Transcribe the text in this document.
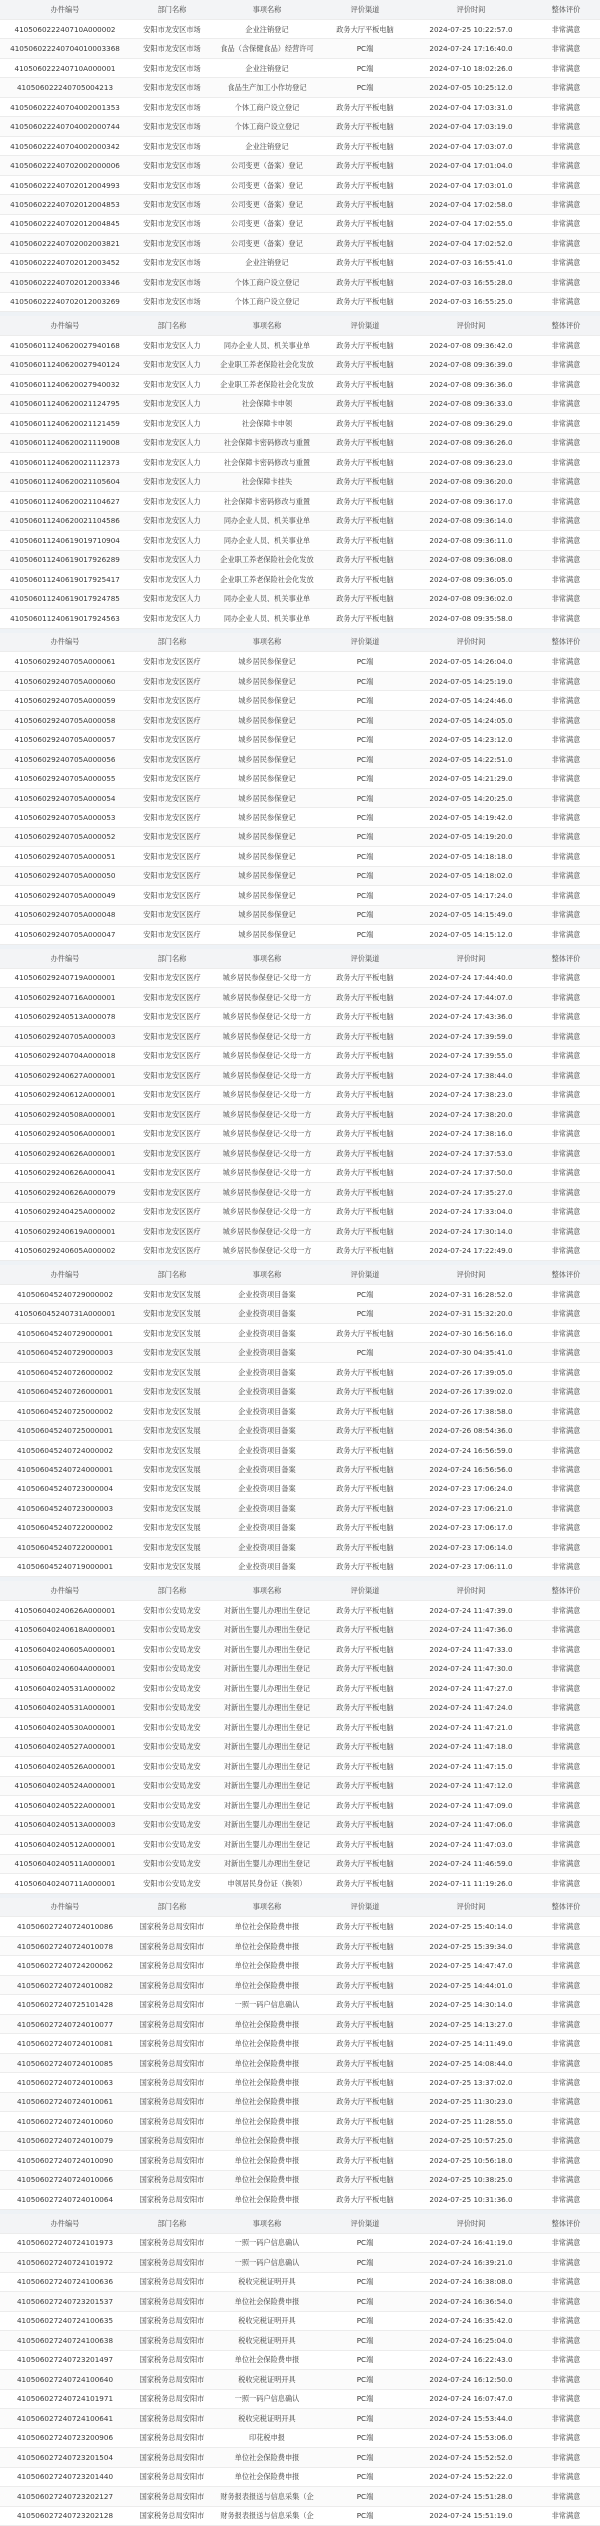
办件编号	部门名称	事项名称	评价渠道	评价时间	整体评价
410506022240710A000002	安阳市龙安区市场	企业注销登记	政务大厅平板电脑	2024-07-25 10:22:57.0	非常满意
410506022240704010003368	安阳市龙安区市场	食品（含保健食品）经营许可	PC端	2024-07-24 17:16:40.0	非常满意
410506022240710A000001	安阳市龙安区市场	企业注销登记	PC端	2024-07-10 18:02:26.0	非常满意
410506022240705004213	安阳市龙安区市场	食品生产加工小作坊登记	PC端	2024-07-05 10:25:12.0	非常满意
410506022240704002001353	安阳市龙安区市场	个体工商户设立登记	政务大厅平板电脑	2024-07-04 17:03:31.0	非常满意
410506022240704002000744	安阳市龙安区市场	个体工商户设立登记	政务大厅平板电脑	2024-07-04 17:03:19.0	非常满意
410506022240704002000342	安阳市龙安区市场	企业注销登记	政务大厅平板电脑	2024-07-04 17:03:07.0	非常满意
410506022240702002000006	安阳市龙安区市场	公司变更（备案）登记	政务大厅平板电脑	2024-07-04 17:01:04.0	非常满意
410506022240702012004993	安阳市龙安区市场	公司变更（备案）登记	政务大厅平板电脑	2024-07-04 17:03:01.0	非常满意
410506022240702012004853	安阳市龙安区市场	公司变更（备案）登记	政务大厅平板电脑	2024-07-04 17:02:58.0	非常满意
410506022240702012004845	安阳市龙安区市场	公司变更（备案）登记	政务大厅平板电脑	2024-07-04 17:02:55.0	非常满意
410506022240702002003821	安阳市龙安区市场	公司变更（备案）登记	政务大厅平板电脑	2024-07-04 17:02:52.0	非常满意
410506022240702012003452	安阳市龙安区市场	企业注销登记	政务大厅平板电脑	2024-07-03 16:55:41.0	非常满意
410506022240702012003346	安阳市龙安区市场	个体工商户设立登记	政务大厅平板电脑	2024-07-03 16:55:28.0	非常满意
410506022240702012003269	安阳市龙安区市场	个体工商户设立登记	政务大厅平板电脑	2024-07-03 16:55:25.0	非常满意
办件编号	部门名称	事项名称	评价渠道	评价时间	整体评价
410506011240620027940168	安阳市龙安区人力	同办企业人员、机关事业单	政务大厅平板电脑	2024-07-08 09:36:42.0	非常满意
410506011240620027940124	安阳市龙安区人力	企业职工养老保险社会化发放	政务大厅平板电脑	2024-07-08 09:36:39.0	非常满意
410506011240620027940032	安阳市龙安区人力	企业职工养老保险社会化发放	政务大厅平板电脑	2024-07-08 09:36:36.0	非常满意
410506011240620021124795	安阳市龙安区人力	社会保障卡申领	政务大厅平板电脑	2024-07-08 09:36:33.0	非常满意
410506011240620021121459	安阳市龙安区人力	社会保障卡申领	政务大厅平板电脑	2024-07-08 09:36:29.0	非常满意
410506011240620021119008	安阳市龙安区人力	社会保障卡密码修改与重置	政务大厅平板电脑	2024-07-08 09:36:26.0	非常满意
410506011240620021112373	安阳市龙安区人力	社会保障卡密码修改与重置	政务大厅平板电脑	2024-07-08 09:36:23.0	非常满意
410506011240620021105604	安阳市龙安区人力	社会保障卡挂失	政务大厅平板电脑	2024-07-08 09:36:20.0	非常满意
410506011240620021104627	安阳市龙安区人力	社会保障卡密码修改与重置	政务大厅平板电脑	2024-07-08 09:36:17.0	非常满意
410506011240620021104586	安阳市龙安区人力	同办企业人员、机关事业单	政务大厅平板电脑	2024-07-08 09:36:14.0	非常满意
410506011240619019710904	安阳市龙安区人力	同办企业人员、机关事业单	政务大厅平板电脑	2024-07-08 09:36:11.0	非常满意
410506011240619017926289	安阳市龙安区人力	企业职工养老保险社会化发放	政务大厅平板电脑	2024-07-08 09:36:08.0	非常满意
410506011240619017925417	安阳市龙安区人力	企业职工养老保险社会化发放	政务大厅平板电脑	2024-07-08 09:36:05.0	非常满意
410506011240619017924785	安阳市龙安区人力	同办企业人员、机关事业单	政务大厅平板电脑	2024-07-08 09:36:02.0	非常满意
410506011240619017924563	安阳市龙安区人力	同办企业人员、机关事业单	政务大厅平板电脑	2024-07-08 09:35:58.0	非常满意
办件编号	部门名称	事项名称	评价渠道	评价时间	整体评价
410506029240705A000061	安阳市龙安区医疗	城乡居民参保登记	PC端	2024-07-05 14:26:04.0	非常满意
410506029240705A000060	安阳市龙安区医疗	城乡居民参保登记	PC端	2024-07-05 14:25:19.0	非常满意
410506029240705A000059	安阳市龙安区医疗	城乡居民参保登记	PC端	2024-07-05 14:24:46.0	非常满意
410506029240705A000058	安阳市龙安区医疗	城乡居民参保登记	PC端	2024-07-05 14:24:05.0	非常满意
410506029240705A000057	安阳市龙安区医疗	城乡居民参保登记	PC端	2024-07-05 14:23:12.0	非常满意
410506029240705A000056	安阳市龙安区医疗	城乡居民参保登记	PC端	2024-07-05 14:22:51.0	非常满意
410506029240705A000055	安阳市龙安区医疗	城乡居民参保登记	PC端	2024-07-05 14:21:29.0	非常满意
410506029240705A000054	安阳市龙安区医疗	城乡居民参保登记	PC端	2024-07-05 14:20:25.0	非常满意
410506029240705A000053	安阳市龙安区医疗	城乡居民参保登记	PC端	2024-07-05 14:19:42.0	非常满意
410506029240705A000052	安阳市龙安区医疗	城乡居民参保登记	PC端	2024-07-05 14:19:20.0	非常满意
410506029240705A000051	安阳市龙安区医疗	城乡居民参保登记	PC端	2024-07-05 14:18:18.0	非常满意
410506029240705A000050	安阳市龙安区医疗	城乡居民参保登记	PC端	2024-07-05 14:18:02.0	非常满意
410506029240705A000049	安阳市龙安区医疗	城乡居民参保登记	PC端	2024-07-05 14:17:24.0	非常满意
410506029240705A000048	安阳市龙安区医疗	城乡居民参保登记	PC端	2024-07-05 14:15:49.0	非常满意
410506029240705A000047	安阳市龙安区医疗	城乡居民参保登记	PC端	2024-07-05 14:15:12.0	非常满意
办件编号	部门名称	事项名称	评价渠道	评价时间	整体评价
410506029240719A000001	安阳市龙安区医疗	城乡居民参保登记-父母一方	政务大厅平板电脑	2024-07-24 17:44:40.0	非常满意
410506029240716A000001	安阳市龙安区医疗	城乡居民参保登记-父母一方	政务大厅平板电脑	2024-07-24 17:44:07.0	非常满意
410506029240513A000078	安阳市龙安区医疗	城乡居民参保登记-父母一方	政务大厅平板电脑	2024-07-24 17:43:36.0	非常满意
410506029240705A000003	安阳市龙安区医疗	城乡居民参保登记-父母一方	政务大厅平板电脑	2024-07-24 17:39:59.0	非常满意
410506029240704A000018	安阳市龙安区医疗	城乡居民参保登记-父母一方	政务大厅平板电脑	2024-07-24 17:39:55.0	非常满意
410506029240627A000001	安阳市龙安区医疗	城乡居民参保登记-父母一方	政务大厅平板电脑	2024-07-24 17:38:44.0	非常满意
410506029240612A000001	安阳市龙安区医疗	城乡居民参保登记-父母一方	政务大厅平板电脑	2024-07-24 17:38:23.0	非常满意
410506029240508A000001	安阳市龙安区医疗	城乡居民参保登记-父母一方	政务大厅平板电脑	2024-07-24 17:38:20.0	非常满意
410506029240506A000001	安阳市龙安区医疗	城乡居民参保登记-父母一方	政务大厅平板电脑	2024-07-24 17:38:16.0	非常满意
410506029240626A000001	安阳市龙安区医疗	城乡居民参保登记-父母一方	政务大厅平板电脑	2024-07-24 17:37:53.0	非常满意
410506029240626A000041	安阳市龙安区医疗	城乡居民参保登记-父母一方	政务大厅平板电脑	2024-07-24 17:37:50.0	非常满意
410506029240626A000079	安阳市龙安区医疗	城乡居民参保登记-父母一方	政务大厅平板电脑	2024-07-24 17:35:27.0	非常满意
410506029240425A000002	安阳市龙安区医疗	城乡居民参保登记-父母一方	政务大厅平板电脑	2024-07-24 17:33:04.0	非常满意
410506029240619A000001	安阳市龙安区医疗	城乡居民参保登记-父母一方	政务大厅平板电脑	2024-07-24 17:30:14.0	非常满意
410506029240605A000002	安阳市龙安区医疗	城乡居民参保登记-父母一方	政务大厅平板电脑	2024-07-24 17:22:49.0	非常满意
办件编号	部门名称	事项名称	评价渠道	评价时间	整体评价
410506045240729000002	安阳市龙安区发展	企业投资项目备案	PC端	2024-07-31 16:28:52.0	非常满意
410506045240731A000001	安阳市龙安区发展	企业投资项目备案	PC端	2024-07-31 15:32:20.0	非常满意
410506045240729000001	安阳市龙安区发展	企业投资项目备案	政务大厅平板电脑	2024-07-30 16:56:16.0	非常满意
410506045240729000003	安阳市龙安区发展	企业投资项目备案	PC端	2024-07-30 04:35:41.0	非常满意
410506045240726000002	安阳市龙安区发展	企业投资项目备案	政务大厅平板电脑	2024-07-26 17:39:05.0	非常满意
410506045240726000001	安阳市龙安区发展	企业投资项目备案	政务大厅平板电脑	2024-07-26 17:39:02.0	非常满意
410506045240725000002	安阳市龙安区发展	企业投资项目备案	政务大厅平板电脑	2024-07-26 17:38:58.0	非常满意
410506045240725000001	安阳市龙安区发展	企业投资项目备案	政务大厅平板电脑	2024-07-26 08:54:36.0	非常满意
410506045240724000002	安阳市龙安区发展	企业投资项目备案	政务大厅平板电脑	2024-07-24 16:56:59.0	非常满意
410506045240724000001	安阳市龙安区发展	企业投资项目备案	政务大厅平板电脑	2024-07-24 16:56:56.0	非常满意
410506045240723000004	安阳市龙安区发展	企业投资项目备案	政务大厅平板电脑	2024-07-23 17:06:24.0	非常满意
410506045240723000003	安阳市龙安区发展	企业投资项目备案	政务大厅平板电脑	2024-07-23 17:06:21.0	非常满意
410506045240722000002	安阳市龙安区发展	企业投资项目备案	政务大厅平板电脑	2024-07-23 17:06:17.0	非常满意
410506045240722000001	安阳市龙安区发展	企业投资项目备案	政务大厅平板电脑	2024-07-23 17:06:14.0	非常满意
410506045240719000001	安阳市龙安区发展	企业投资项目备案	政务大厅平板电脑	2024-07-23 17:06:11.0	非常满意
办件编号	部门名称	事项名称	评价渠道	评价时间	整体评价
410506040240626A000001	安阳市公安局龙安	对新出生婴儿办理出生登记	政务大厅平板电脑	2024-07-24 11:47:39.0	非常满意
410506040240618A000001	安阳市公安局龙安	对新出生婴儿办理出生登记	政务大厅平板电脑	2024-07-24 11:47:36.0	非常满意
410506040240605A000001	安阳市公安局龙安	对新出生婴儿办理出生登记	政务大厅平板电脑	2024-07-24 11:47:33.0	非常满意
410506040240604A000001	安阳市公安局龙安	对新出生婴儿办理出生登记	政务大厅平板电脑	2024-07-24 11:47:30.0	非常满意
410506040240531A000002	安阳市公安局龙安	对新出生婴儿办理出生登记	政务大厅平板电脑	2024-07-24 11:47:27.0	非常满意
410506040240531A000001	安阳市公安局龙安	对新出生婴儿办理出生登记	政务大厅平板电脑	2024-07-24 11:47:24.0	非常满意
410506040240530A000001	安阳市公安局龙安	对新出生婴儿办理出生登记	政务大厅平板电脑	2024-07-24 11:47:21.0	非常满意
410506040240527A000001	安阳市公安局龙安	对新出生婴儿办理出生登记	政务大厅平板电脑	2024-07-24 11:47:18.0	非常满意
410506040240526A000001	安阳市公安局龙安	对新出生婴儿办理出生登记	政务大厅平板电脑	2024-07-24 11:47:15.0	非常满意
410506040240524A000001	安阳市公安局龙安	对新出生婴儿办理出生登记	政务大厅平板电脑	2024-07-24 11:47:12.0	非常满意
410506040240522A000001	安阳市公安局龙安	对新出生婴儿办理出生登记	政务大厅平板电脑	2024-07-24 11:47:09.0	非常满意
410506040240513A000003	安阳市公安局龙安	对新出生婴儿办理出生登记	政务大厅平板电脑	2024-07-24 11:47:06.0	非常满意
410506040240512A000001	安阳市公安局龙安	对新出生婴儿办理出生登记	政务大厅平板电脑	2024-07-24 11:47:03.0	非常满意
410506040240511A000001	安阳市公安局龙安	对新出生婴儿办理出生登记	政务大厅平板电脑	2024-07-24 11:46:59.0	非常满意
410506040240711A000001	安阳市公安局龙安	申领居民身份证（换领）	政务大厅平板电脑	2024-07-11 11:19:26.0	非常满意
办件编号	部门名称	事项名称	评价渠道	评价时间	整体评价
410506027240724010086	国家税务总局安阳市	单位社会保险费申报	政务大厅平板电脑	2024-07-25 15:40:14.0	非常满意
410506027240724010078	国家税务总局安阳市	单位社会保险费申报	政务大厅平板电脑	2024-07-25 15:39:34.0	非常满意
410506027240724200062	国家税务总局安阳市	单位社会保险费申报	政务大厅平板电脑	2024-07-25 14:47:47.0	非常满意
410506027240724010082	国家税务总局安阳市	单位社会保险费申报	政务大厅平板电脑	2024-07-25 14:44:01.0	非常满意
410506027240725101428	国家税务总局安阳市	一照一码户信息确认	政务大厅平板电脑	2024-07-25 14:30:14.0	非常满意
410506027240724010077	国家税务总局安阳市	单位社会保险费申报	政务大厅平板电脑	2024-07-25 14:13:27.0	非常满意
410506027240724010081	国家税务总局安阳市	单位社会保险费申报	政务大厅平板电脑	2024-07-25 14:11:49.0	非常满意
410506027240724010085	国家税务总局安阳市	单位社会保险费申报	政务大厅平板电脑	2024-07-25 14:08:44.0	非常满意
410506027240724010063	国家税务总局安阳市	单位社会保险费申报	政务大厅平板电脑	2024-07-25 13:37:02.0	非常满意
410506027240724010061	国家税务总局安阳市	单位社会保险费申报	政务大厅平板电脑	2024-07-25 11:30:23.0	非常满意
410506027240724010060	国家税务总局安阳市	单位社会保险费申报	政务大厅平板电脑	2024-07-25 11:28:55.0	非常满意
410506027240724010079	国家税务总局安阳市	单位社会保险费申报	政务大厅平板电脑	2024-07-25 10:57:25.0	非常满意
410506027240724010090	国家税务总局安阳市	单位社会保险费申报	政务大厅平板电脑	2024-07-25 10:56:18.0	非常满意
410506027240724010066	国家税务总局安阳市	单位社会保险费申报	政务大厅平板电脑	2024-07-25 10:38:25.0	非常满意
410506027240724010064	国家税务总局安阳市	单位社会保险费申报	政务大厅平板电脑	2024-07-25 10:31:36.0	非常满意
办件编号	部门名称	事项名称	评价渠道	评价时间	整体评价
410506027240724101973	国家税务总局安阳市	一照一码户信息确认	PC端	2024-07-24 16:41:19.0	非常满意
410506027240724101972	国家税务总局安阳市	一照一码户信息确认	PC端	2024-07-24 16:39:21.0	非常满意
410506027240724100636	国家税务总局安阳市	税收完税证明开具	PC端	2024-07-24 16:38:08.0	非常满意
410506027240723201537	国家税务总局安阳市	单位社会保险费申报	PC端	2024-07-24 16:36:54.0	非常满意
410506027240724100635	国家税务总局安阳市	税收完税证明开具	PC端	2024-07-24 16:35:42.0	非常满意
410506027240724100638	国家税务总局安阳市	税收完税证明开具	PC端	2024-07-24 16:25:04.0	非常满意
410506027240723201497	国家税务总局安阳市	单位社会保险费申报	PC端	2024-07-24 16:22:43.0	非常满意
410506027240724100640	国家税务总局安阳市	税收完税证明开具	PC端	2024-07-24 16:12:50.0	非常满意
410506027240724101971	国家税务总局安阳市	一照一码户信息确认	PC端	2024-07-24 16:07:47.0	非常满意
410506027240724100641	国家税务总局安阳市	税收完税证明开具	PC端	2024-07-24 15:53:44.0	非常满意
410506027240723200906	国家税务总局安阳市	印花税申报	PC端	2024-07-24 15:53:06.0	非常满意
410506027240723201504	国家税务总局安阳市	单位社会保险费申报	PC端	2024-07-24 15:52:52.0	非常满意
410506027240723201440	国家税务总局安阳市	单位社会保险费申报	PC端	2024-07-24 15:52:22.0	非常满意
410506027240723202127	国家税务总局安阳市	财务报表报送与信息采集（企	PC端	2024-07-24 15:51:28.0	非常满意
410506027240723202128	国家税务总局安阳市	财务报表报送与信息采集（企	PC端	2024-07-24 15:51:19.0	非常满意
